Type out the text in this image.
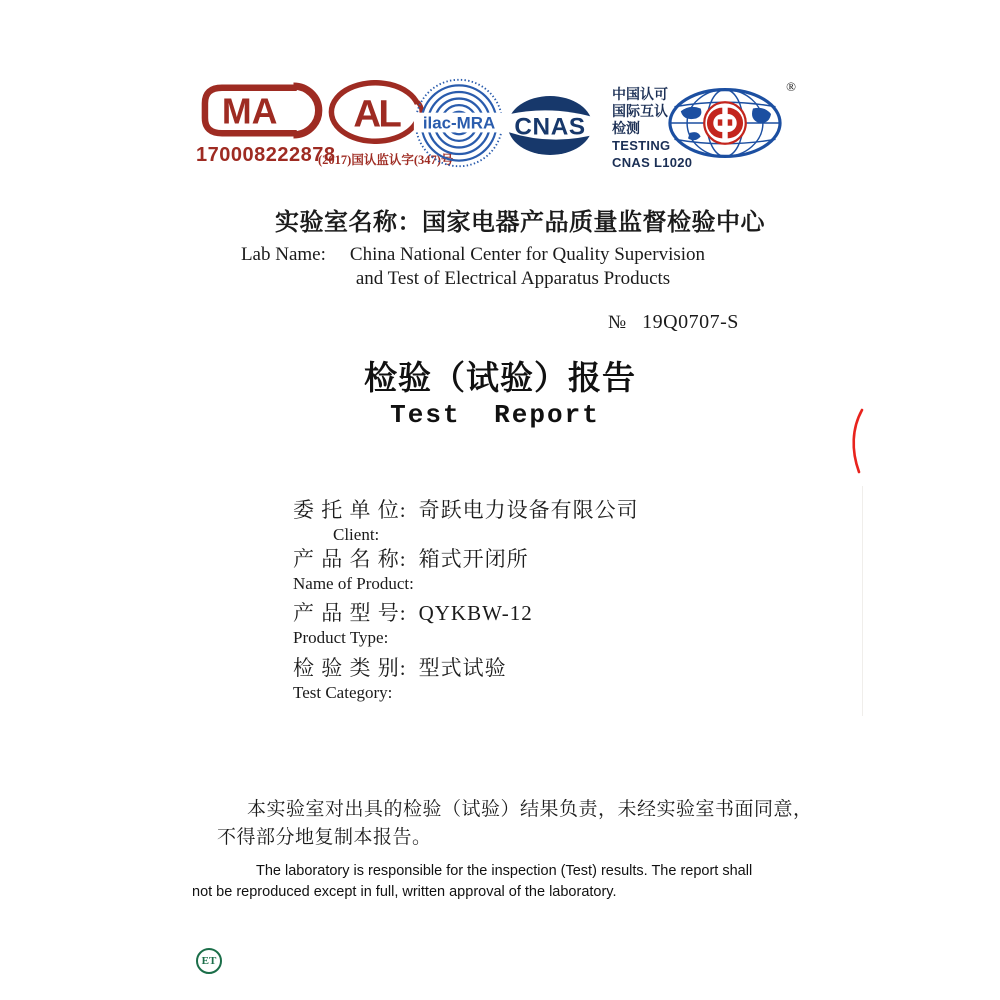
MA
170008222878
AL
(2017)国认监认字(347)号
ilac-MRA CNAS
中国认可
国际互认
检测
TESTING
CNAS L1020
®
实验室名称：国家电器产品质量监督检验中心
Lab Name: China National Center for Quality Supervision
and Test of Electrical Apparatus Products
№ 19Q0707-S
检验（试验）报告
Test Report
委 托 单 位: 奇跃电力设备有限公司
Client:
产 品 名 称: 箱式开闭所
Name of Product:
产 品 型 号: QYKBW-12
Product Type:
检 验 类 别: 型式试验
Test Category:
本实验室对出具的检验（试验）结果负责，未经实验室书面同意，
不得部分地复制本报告。
The laboratory is responsible for the inspection (Test) results. The report shall
not be reproduced except in full, written approval of the laboratory.
ET
